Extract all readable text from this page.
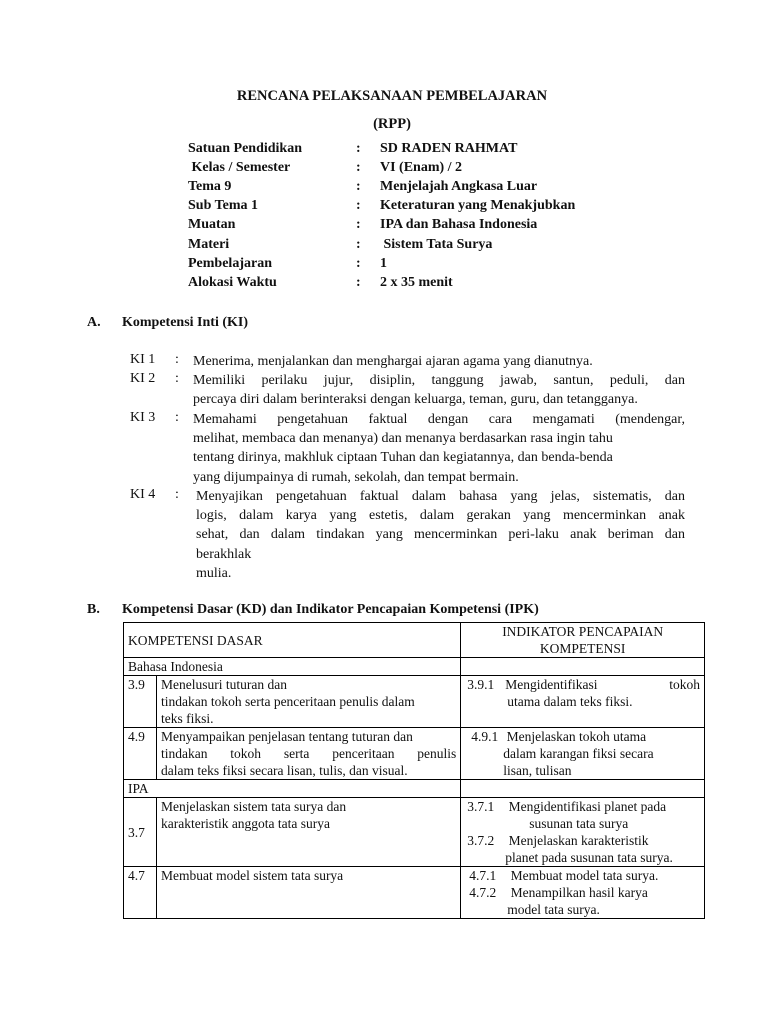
RENCANA PELAKSANAAN PEMBELAJARAN
(RPP)
Satuan Pendidikan	: SD RADEN RAHMAT
Kelas / Semester	: VI (Enam) / 2
Tema 9	: Menjelajah Angkasa Luar
Sub Tema 1	: Keteraturan yang Menakjubkan
Muatan	: IPA dan Bahasa Indonesia
Materi	: Sistem Tata Surya
Pembelajaran	: 1
Alokasi Waktu	: 2 x 35 menit
A. Kompetensi Inti (KI)
KI 1 : Menerima, menjalankan dan menghargai ajaran agama yang dianutnya.
KI 2 : Memiliki perilaku jujur, disiplin, tanggung jawab, santun, peduli, dan
percaya diri dalam berinteraksi dengan keluarga, teman, guru, dan tetangganya.
KI 3 : Memahami pengetahuan faktual dengan cara mengamati (mendengar,
melihat, membaca dan menanya) dan menanya berdasarkan rasa ingin tahu
tentang dirinya, makhluk ciptaan Tuhan dan kegiatannya, dan benda-benda
yang dijumpainya di rumah, sekolah, dan tempat bermain.
KI 4 : Menyajikan pengetahuan faktual dalam bahasa yang jelas, sistematis, dan
logis, dalam karya yang estetis, dalam gerakan yang mencerminkan anak
sehat, dan dalam tindakan yang mencerminkan peri-laku anak beriman dan
berakhlak
mulia.
B. Kompetensi Dasar (KD) dan Indikator Pencapaian Kompetensi (IPK)
KOMPETENSI DASAR		INDIKATOR PENCAPAIAN KOMPETENSI
Bahasa Indonesia		
3.9	Menelusuri tuturan dan
tindakan tokoh serta penceritaan penulis dalam
teks fiksi.	3.9.1 Mengidentifikasi tokoh
utama dalam teks fiksi.

4.9	Menyampaikan penjelasan tentang tuturan dan
tindakan tokoh serta penceritaan penulis
dalam teks fiksi secara lisan, tulis, dan visual.	4.9.1 Menjelaskan tokoh utama
dalam karangan fiksi secara
lisan, tulisan

IPA		
3.7	Menjelaskan sistem tata surya dan
karakteristik anggota tata surya	3.7.1 Mengidentifikasi planet pada
susunan tata surya
3.7.2 Menjelaskan karakteristik
planet pada susunan tata surya.

4.7	Membuat model sistem tata surya	4.7.1 Membuat model tata surya.
4.7.2 Menampilkan hasil karya
model tata surya.
